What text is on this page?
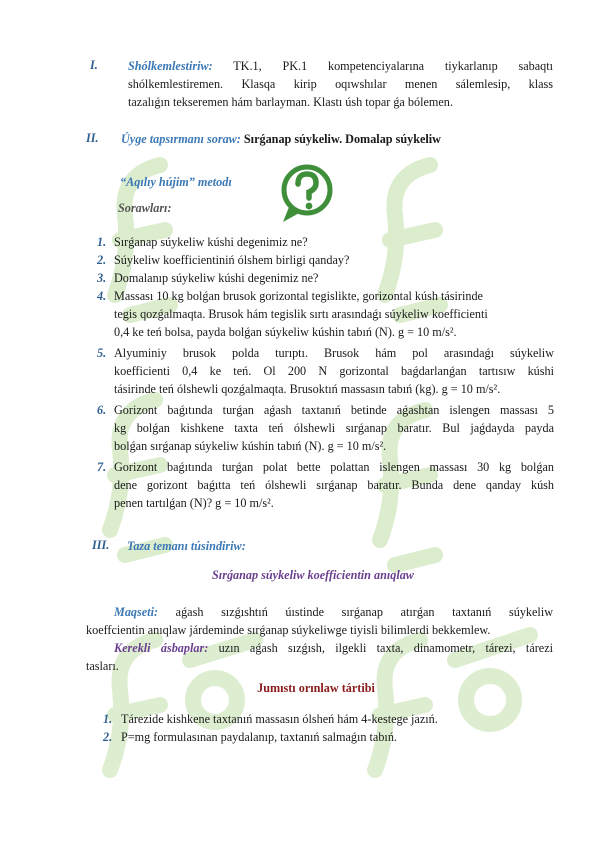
I. Shólkemlestiriw: TK.1, PK.1 kompetenciyalarına tiykarlanıp sabaqtı
shólkemlestiremen. Klasqa kirip oqıwshılar menen sálemlesip, klass
tazalıǵın tekseremen hám barlayman. Klastı úsh topar ǵa bólemen.
II. Úyge tapsırmanı soraw: Sırǵanap súykeliw. Domalap súykeliw
“Aqılıy hújim” metodı
Sorawları:
1. Sırǵanap súykeliw kúshi degenimiz ne?
2. Súykeliw koefficientiniń ólshem birligi qanday?
3. Domalanıp súykeliw kúshi degenimiz ne?
4. Massası 10 kg bolǵan brusok gorizontal tegislikte, gorizontal kúsh tásirinde
tegis qozǵalmaqta. Brusok hám tegislik sırtı arasındaǵı súykeliw koefficienti
0,4 ke teń bolsa, payda bolǵan súykeliw kúshin tabıń (N). g = 10 m/s².
5. Alyuminiy brusok polda turıptı. Brusok hám pol arasındaǵı súykeliw
koefficienti 0,4 ke teń. Ol 200 N gorizontal baǵdarlanǵan tartısıw kúshi
tásirinde teń ólshewli qozǵalmaqta. Brusoktıń massasın tabıń (kg). g = 10 m/s².
6. Gorizont baǵıtında turǵan aǵash taxtanıń betinde aǵashtan islengen massası 5
kg bolǵan kishkene taxta teń ólshewli sırǵanap baratır. Bul jaǵdayda payda
bolǵan sırǵanap súykeliw kúshin tabıń (N). g = 10 m/s².
7. Gorizont baǵıtında turǵan polat bette polattan islengen massası 30 kg bolǵan
dene gorizont baǵıtta teń ólshewli sırǵanap baratır. Bunda dene qanday kúsh
penen tartılǵan (N)? g = 10 m/s².
III. Taza temanı túsindiriw:
Sırǵanap súykeliw koefficientin anıqlaw
Maqseti: aǵash sızǵıshtıń úıstinde sırǵanap atırǵan taxtanıń súykeliw
koeffcientin anıqlaw járdeminde sırǵanap súykeliwge tiyisli bilimlerdi bekkemlew.
Kerekli ásbaplar: uzın aǵash sızǵısh, ilgekli taxta, dinamometr, tárezi, tárezi
tasları.
Jumıstı orınlaw tártibi
1. Tárezide kishkene taxtanıń massasın ólsheń hám 4-kestege jazıń.
2. P=mg formulasınan paydalanıp, taxtanıń salmaǵın tabıń.
